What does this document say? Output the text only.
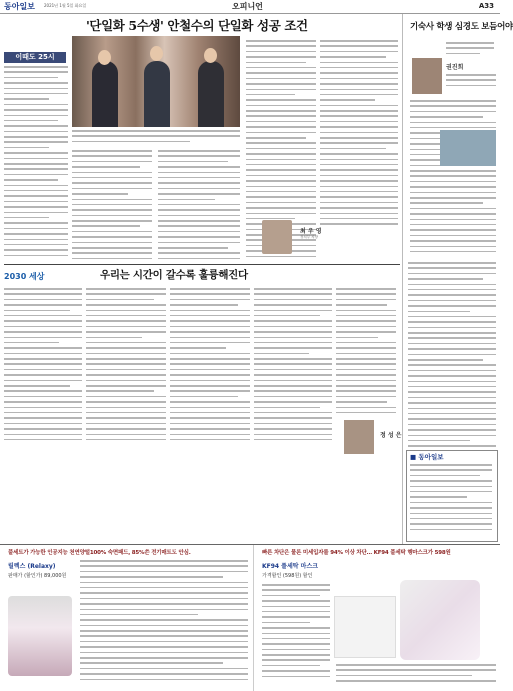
동아일보 2021년 1월 5일 화요일	오피니언	A33
'단일화 5수생' 안철수의 단일화 성공 조건
이때도 25시
최 우 영
정치부 차장
기숙사 학생 심경도 보듬어야
권진희
2030 세상	우리는 시간이 갈수록 훌륭해진다
정 성 은
■ 동아일보
풀세트가 가능한 인공지능 천연양털100% 숙면패드, 85%쓴 전기매트도 안심.
릴렉스 (Relaxy)
판매가 (할인가) 89,000원
빠른 차단은 물론 미세입자를 94% 이상 차단… KF94 풀세탁 행마스크가 598원
KF94 풀세탁 마스크
가격할인 (598원) 할인
